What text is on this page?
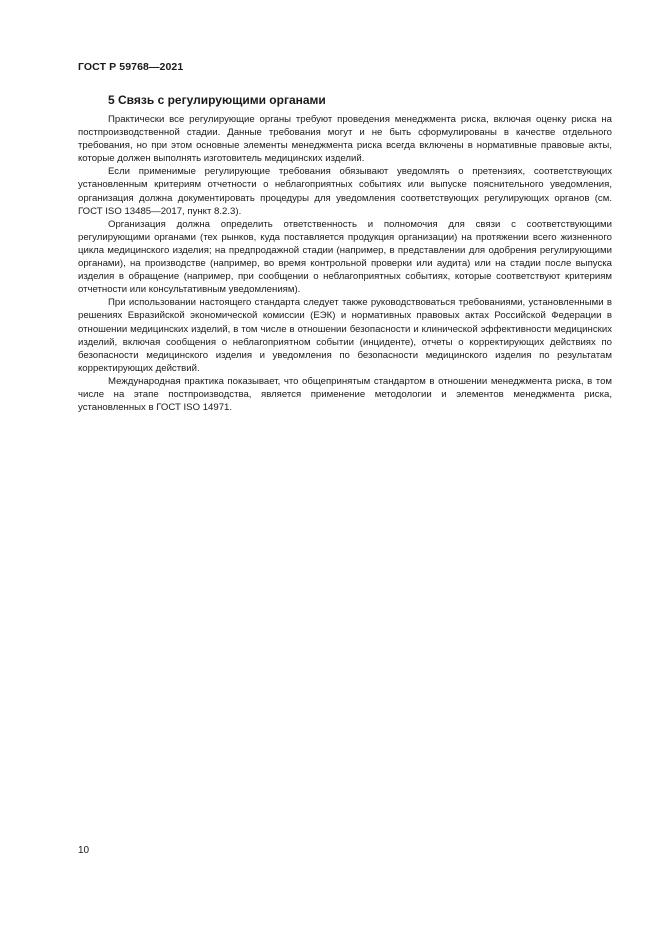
ГОСТ Р 59768—2021
5 Связь с регулирующими органами

Практически все регулирующие органы требуют проведения менеджмента риска, включая оценку риска на постпроизводственной стадии. Данные требования могут и не быть сформулированы в качестве отдельного требования, но при этом основные элементы менеджмента риска всегда включены в нормативные правовые акты, которые должен выполнять изготовитель медицинских изделий.

Если применимые регулирующие требования обязывают уведомлять о претензиях, соответствующих установленным критериям отчетности о неблагоприятных событиях или выпуске пояснительного уведомления, организация должна документировать процедуры для уведомления соответствующих регулирующих органов (см. ГОСТ ISO 13485—2017, пункт 8.2.3).

Организация должна определить ответственность и полномочия для связи с соответствующими регулирующими органами (тех рынков, куда поставляется продукция организации) на протяжении всего жизненного цикла медицинского изделия; на предпродажной стадии (например, в представлении для одобрения регулирующими органами), на производстве (например, во время контрольной проверки или аудита) или на стадии после выпуска изделия в обращение (например, при сообщении о неблагоприятных событиях, которые соответствуют критериям отчетности или консультативным уведомлениям).

При использовании настоящего стандарта следует также руководствоваться требованиями, установленными в решениях Евразийской экономической комиссии (ЕЭК) и нормативных правовых актах Российской Федерации в отношении медицинских изделий, в том числе в отношении безопасности и клинической эффективности медицинских изделий, включая сообщения о неблагоприятном событии (инциденте), отчеты о корректирующих действиях по безопасности медицинского изделия и уведомления по безопасности медицинского изделия по результатам корректирующих действий.

Международная практика показывает, что общепринятым стандартом в отношении менеджмента риска, в том числе на этапе постпроизводства, является применение методологии и элементов менеджмента риска, установленных в ГОСТ ISO 14971.

10
